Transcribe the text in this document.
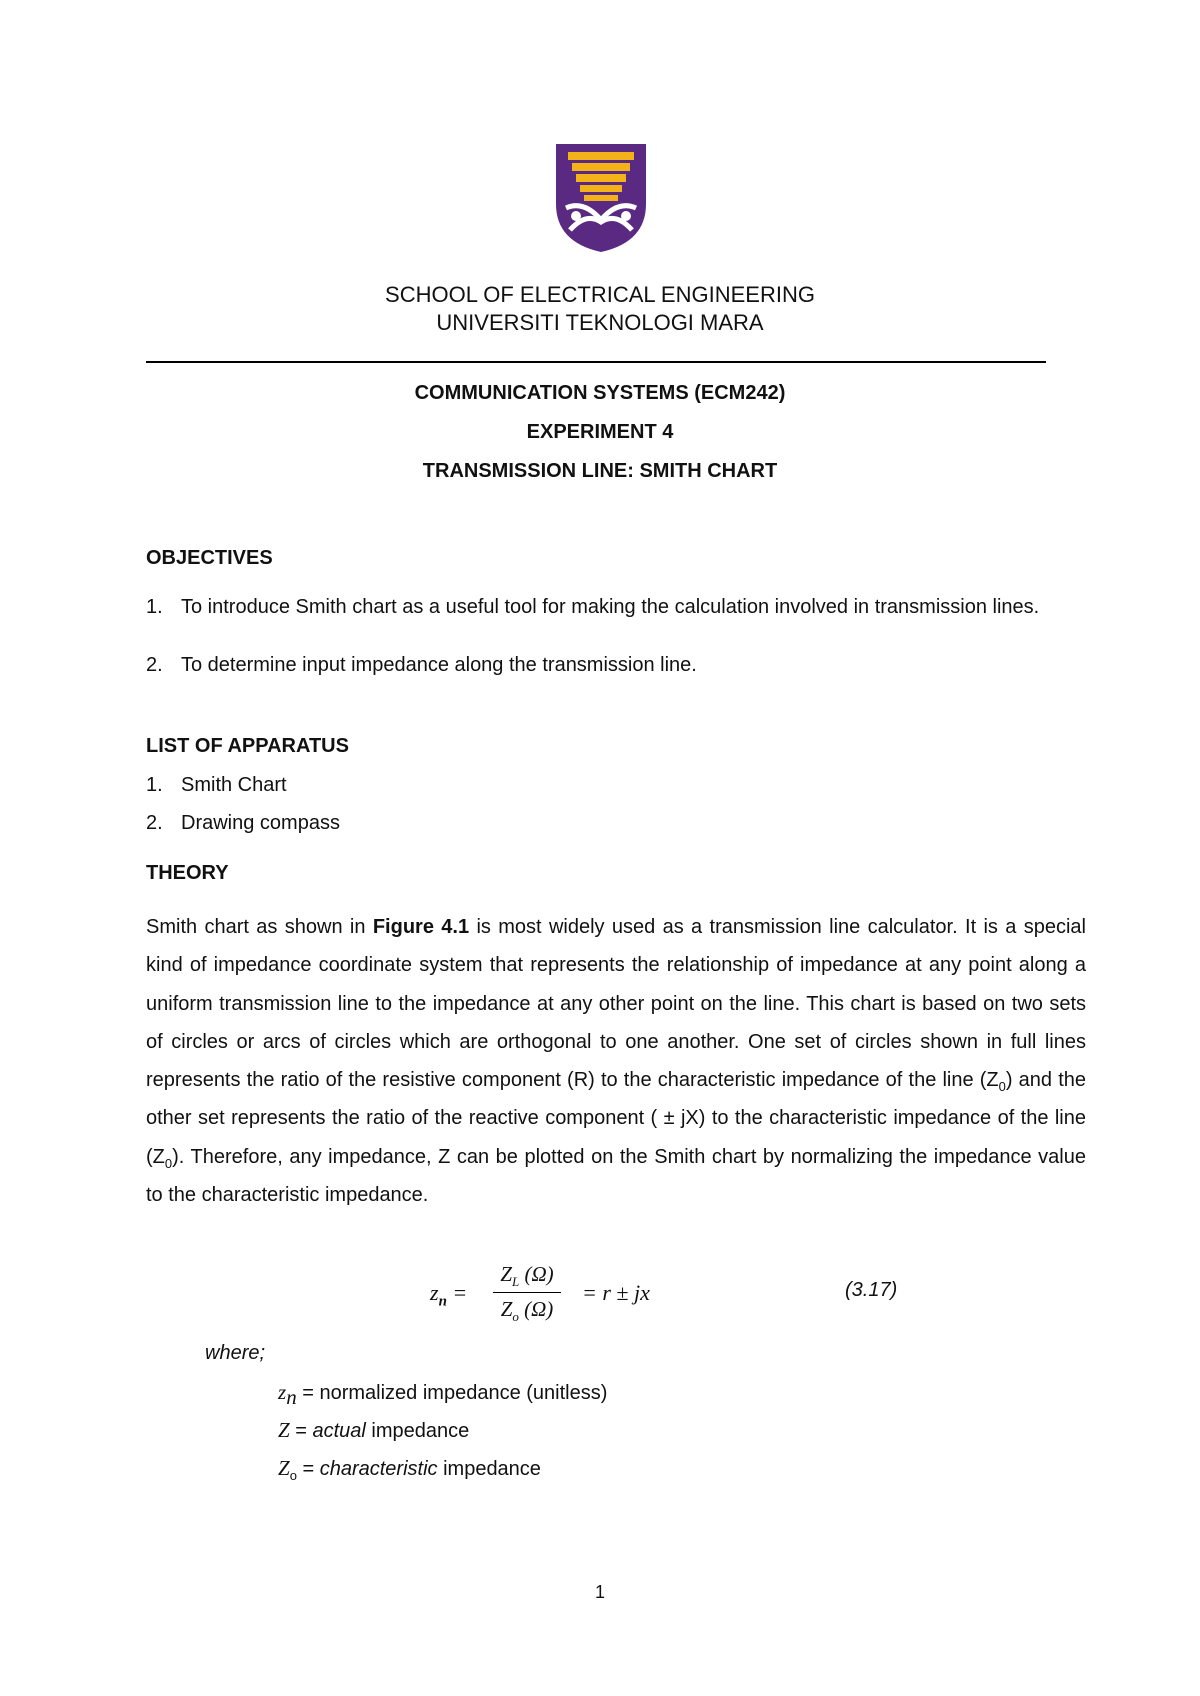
SCHOOL OF ELECTRICAL ENGINEERING
UNIVERSITI TEKNOLOGI MARA
COMMUNICATION SYSTEMS (ECM242)
EXPERIMENT 4
TRANSMISSION LINE: SMITH CHART
OBJECTIVES
1. To introduce Smith chart as a useful tool for making the calculation involved in transmission lines.
2. To determine input impedance along the transmission line.
LIST OF APPARATUS
1. Smith Chart
2. Drawing compass
THEORY
Smith chart as shown in Figure 4.1 is most widely used as a transmission line calculator. It is a special kind of impedance coordinate system that represents the relationship of impedance at any point along a uniform transmission line to the impedance at any other point on the line. This chart is based on two sets of circles or arcs of circles which are orthogonal to one another. One set of circles shown in full lines represents the ratio of the resistive component (R) to the characteristic impedance of the line $(Z_0)$ and the other set represents the ratio of the reactive component ( ± jX) to the characteristic impedance of the line $(Z_0)$. Therefore, any impedance, Z can be plotted on the Smith chart by normalizing the impedance value to the characteristic impedance.
$z_n$ =
$Z_L$ (Ω)
$Z_o$ (Ω)
= r ± jx	(3.17)
where;
$z_n$ = normalized impedance (unitless)
Z = actual impedance
$Z_o$ = characteristic impedance
1
